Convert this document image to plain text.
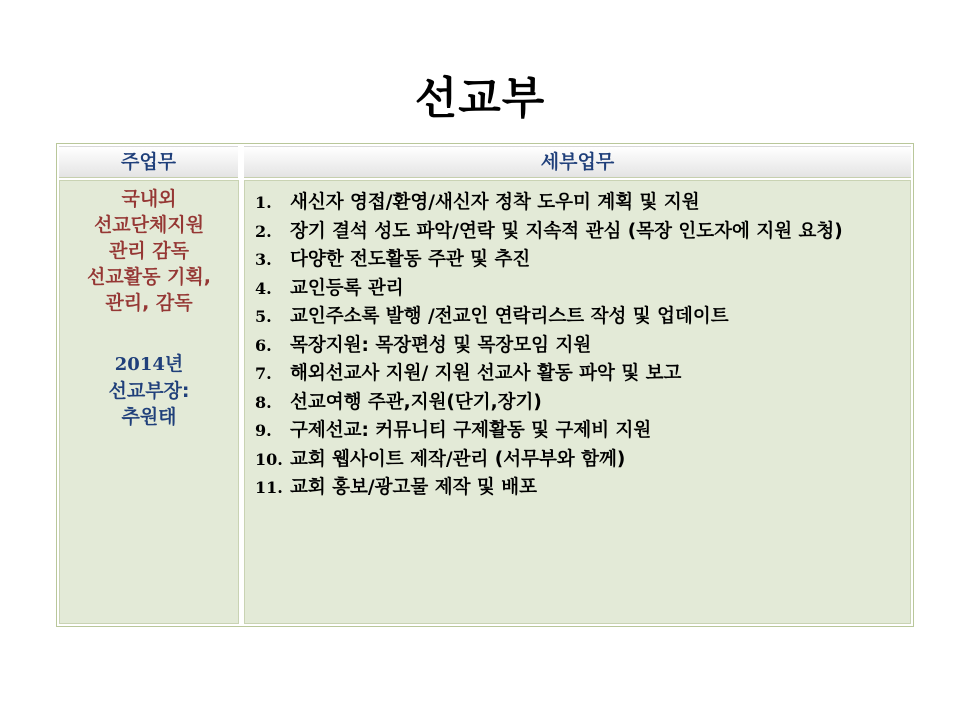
선교부
주업무	세부업무
국내외
선교단체지원
관리 감독
선교활동 기획,
관리, 감독
2014년
선교부장:
추원태
1. 새신자 영접/환영/새신자 정착 도우미 계획 및 지원
2. 장기 결석 성도 파악/연락 및 지속적 관심 (목장 인도자에 지원 요청)
3. 다양한 전도활동 주관 및 추진
4. 교인등록 관리
5. 교인주소록 발행 /전교인 연락리스트 작성 및 업데이트
6. 목장지원: 목장편성 및 목장모임 지원
7. 해외선교사 지원/ 지원 선교사 활동 파악 및 보고
8. 선교여행 주관,지원(단기,장기)
9. 구제선교: 커뮤니티 구제활동 및 구제비 지원
10. 교회 웹사이트 제작/관리 (서무부와 함께)
11. 교회 홍보/광고물 제작 및 배포
